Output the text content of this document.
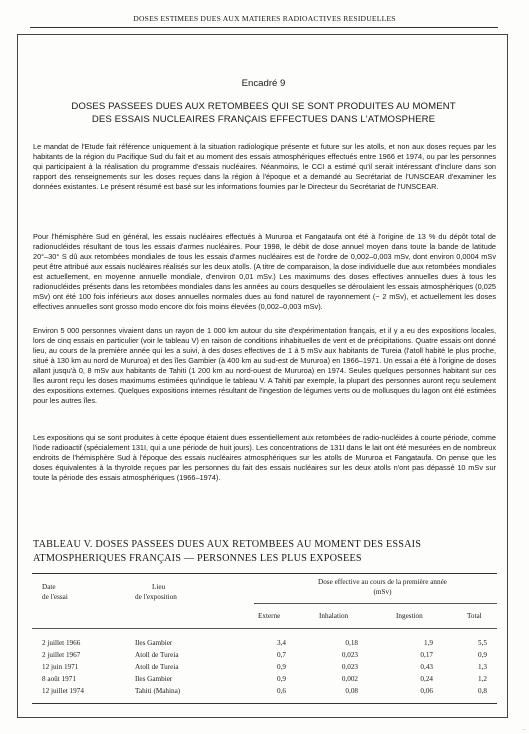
DOSES ESTIMEES DUES AUX MATIERES RADIOACTIVES RESIDUELLES
Encadré 9
DOSES PASSEES DUES AUX RETOMBEES QUI SE SONT PRODUITES AU MOMENT
DES ESSAIS NUCLEAIRES FRANÇAIS EFFECTUES DANS L'ATMOSPHERE

Le mandat de l'Etude fait référence uniquement à la situation radiologique présente et future sur les atolls, et non aux doses reçues par les habitants de la région du Pacifique Sud du fait et au moment des essais atmosphériques effectués entre 1966 et 1974, ou par les personnes qui participaient à la réalisation du programme d'essais nucléaires. Néanmoins, le CCI a estimé qu'il serait intéressant d'inclure dans son rapport des renseignements sur les doses reçues dans la région à l'époque et a demandé au Secrétariat de l'UNSCEAR d'examiner les données existantes. Le présent résumé est basé sur les informations fournies par le Directeur du Secrétariat de l'UNSCEAR.

Pour l'hémisphère Sud en général, les essais nucléaires effectués à Mururoa et Fangataufa ont été à l'origine de 13 % du dépôt total de radionucléides résultant de tous les essais d'armes nucléaires. Pour 1998, le débit de dose annuel moyen dans toute la bande de latitude 20°–30° S dû aux retombées mondiales de tous les essais d'armes nucléaires est de l'ordre de 0,002–0,003 mSv, dont environ 0,0004 mSv peut être attribué aux essais nucléaires réalisés sur les deux atolls. (A titre de comparaison, la dose individuelle due aux retombées mondiales est actuellement, en moyenne annuelle mondiale, d'environ 0,01 mSv.) Les maximums des doses effectives annuelles dues à tous les radionucléides présents dans les retombées mondiales dans les années au cours desquelles se déroulaient les essais atmosphériques (0,025 mSv) ont été 100 fois inférieurs aux doses annuelles normales dues au fond naturel de rayonnement (~ 2 mSv), et actuellement les doses effectives annuelles sont grosso modo encore dix fois moins élevées (0,002–0,003 mSv).

Environ 5 000 personnes vivaient dans un rayon de 1 000 km autour du site d'expérimentation français, et il y a eu des expositions locales, lors de cinq essais en particulier (voir le tableau V) en raison de conditions inhabituelles de vent et de précipitations. Quatre essais ont donné lieu, au cours de la première année qui les a suivi, à des doses effectives de 1 à 5 mSv aux habitants de Tureia (l'atoll habité le plus proche, situé à 130 km au nord de Mururoa) et des îles Gambier (à 400 km au sud-est de Mururoa) en 1966–1971. Un essai a été à l'origine de doses allant jusqu'à 0, 8 mSv aux habitants de Tahiti (1 200 km au nord-ouest de Mururoa) en 1974. Seules quelques personnes habitant sur ces îles auront reçu les doses maximums estimées qu'indique le tableau V. A Tahiti par exemple, la plupart des personnes auront reçu seulement des expositions externes. Quelques expositions internes résultant de l'ingestion de légumes verts ou de mollusques du lagon ont été estimées pour les autres îles.

Les expositions qui se sont produites à cette époque étaient dues essentiellement aux retombées de radio-nucléides à courte période, comme l'iode radioactif (spécialement 131I, qui a une période de huit jours). Les concentrations de 131I dans le lait ont été mesurées en de nombreux endroits de l'hémisphère Sud à l'époque des essais nucléaires atmosphériques sur les atolls de Mururoa et Fangataufa. On pense que les doses équivalentes à la thyroïde reçues par les personnes du fait des essais nucléaires sur les deux atolls n'ont pas dépassé 10 mSv sur toute la période des essais atmosphériques (1966–1974).

TABLEAU V. DOSES PASSEES DUES AUX RETOMBEES AU MOMENT DES ESSAIS
ATMOSPHERIQUES FRANÇAIS — PERSONNES LES PLUS EXPOSEES
Date
de l'essai
Lieu
de l'exposition
Dose effective au cours de la première année
(mSv)
Externe	Inhalation	Ingestion	Total
2 juillet 1966	Iles Gambier	3,4	0,18	1,9	5,5
2 juillet 1967	Atoll de Tureia	0,7	0,023	0,17	0,9
12 juin 1971	Atoll de Tureia	0,9	0,023	0,43	1,3
8 août 1971	Iles Gambier	0,9	0,002	0,24	1,2
12 juillet 1974	Tahiti (Mahina)	0,6	0,08	0,06	0,8
··
